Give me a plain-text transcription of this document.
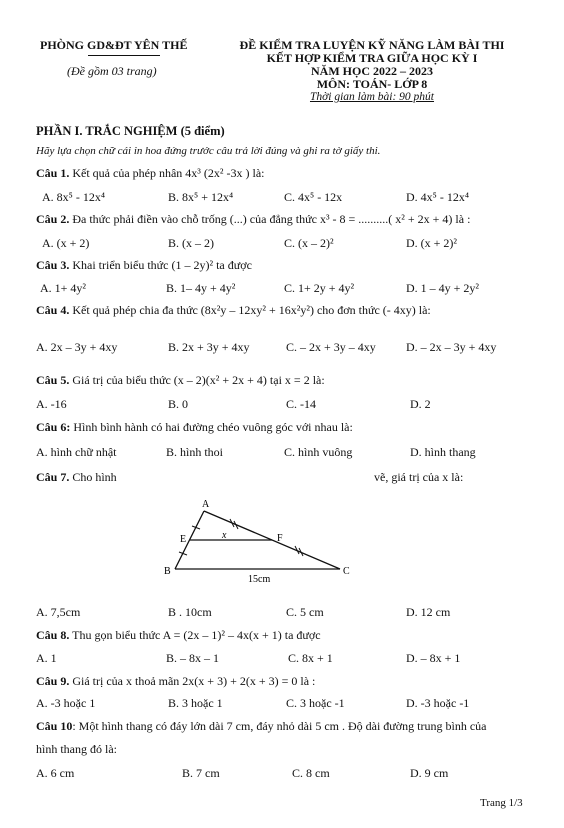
PHÒNG GD&ĐT YÊN THẾ
(Đề gồm 03 trang)
ĐỀ KIỂM TRA LUYỆN KỸ NĂNG LÀM BÀI THI
KẾT HỢP KIỂM TRA GIỮA HỌC KỲ I
NĂM HỌC 2022 – 2023
MÔN: TOÁN- LỚP 8
Thời gian làm bài: 90 phút
PHẦN I. TRẮC NGHIỆM (5 điểm)
Hãy lựa chọn chữ cái in hoa đứng trước câu trả lời đúng và ghi ra tờ giấy thi.
Câu 1. Kết quả của phép nhân 4x³ (2x² -3x ) là:
A. 8x⁵ - 12x⁴	B. 8x⁵ + 12x⁴	C. 4x⁵ - 12x	D. 4x⁵ - 12x⁴
Câu 2. Đa thức phải điền vào chỗ trống (...) của đẳng thức x³ - 8 = ..........( x² + 2x + 4) là :
A. (x + 2)	B. (x – 2)	C. (x – 2)²	D. (x + 2)²
Câu 3. Khai triển biểu thức (1 – 2y)² ta được
A. 1+ 4y²	B. 1– 4y + 4y²	C. 1+ 2y + 4y²	D. 1 – 4y + 2y²
Câu 4. Kết quả phép chia đa thức (8x²y – 12xy² + 16x²y²) cho đơn thức (- 4xy) là:
A. 2x – 3y + 4xy	B. 2x + 3y + 4xy	C. – 2x + 3y – 4xy	D. – 2x – 3y + 4xy
Câu 5. Giá trị của biểu thức (x – 2)(x² + 2x + 4) tại x = 2 là:
A. -16	B. 0	C. -14	D. 2
Câu 6: Hình bình hành có hai đường chéo vuông góc với nhau là:
A. hình chữ nhật	B. hình thoi	C. hình vuông	D. hình thang
Câu 7. Cho hình	vẽ, giá trị của x là:
A
B	C
E	F
x
15cm
A. 7,5cm	B . 10cm	C. 5 cm	D. 12 cm
Câu 8. Thu gọn biểu thức A = (2x – 1)² – 4x(x + 1) ta được
A. 1	B. – 8x – 1	C. 8x + 1	D. – 8x + 1
Câu 9. Giá trị của x thoả mãn 2x(x + 3) + 2(x + 3) = 0 là :
A. -3 hoặc 1	B. 3 hoặc 1	C. 3 hoặc -1	D. -3 hoặc -1
Câu 10: Một hình thang có đáy lớn dài 7 cm, đáy nhỏ dài 5 cm . Độ dài đường trung bình của
hình thang đó là:
A. 6 cm	B. 7 cm	C. 8 cm	D. 9 cm
Trang 1/3
